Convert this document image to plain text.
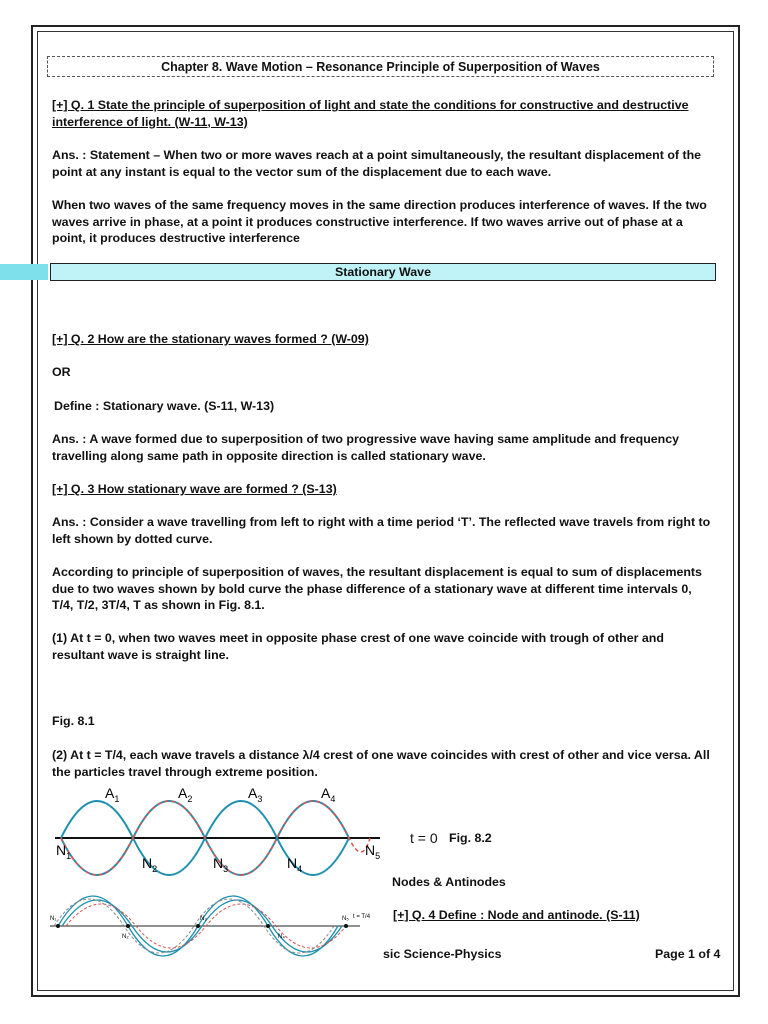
Chapter 8. Wave Motion – Resonance Principle of Superposition of Waves
[+] Q. 1 State the principle of superposition of light and state the conditions for constructive and destructive interference of light. (W-11, W-13)
Ans. : Statement – When two or more waves reach at a point simultaneously, the resultant displacement of the point at any instant is equal to the vector sum of the displacement due to each wave.
When two waves of the same frequency moves in the same direction produces interference of waves. If the two waves arrive in phase, at a point it produces constructive interference. If two waves arrive out of phase at a point, it produces destructive interference
Stationary Wave
[+] Q. 2 How are the stationary waves formed ? (W-09)
OR
Define : Stationary wave. (S-11, W-13)
Ans. : A wave formed due to superposition of two progressive wave having same amplitude and frequency travelling along same path in opposite direction is called stationary wave.
[+] Q. 3 How stationary wave are formed ? (S-13)
Ans. : Consider a wave travelling from left to right with a time period ‘T’. The reflected wave travels from right to left shown by dotted curve.
According to principle of superposition of waves, the resultant displacement is equal to sum of displacements due to two waves shown by bold curve the phase difference of a stationary wave at different time intervals 0, T/4, T/2, 3T/4, T as shown in Fig. 8.1.
(1) At t = 0, when two waves meet in opposite phase crest of one wave coincide with trough of other and resultant wave is straight line.
Fig. 8.1
(2) At t = T/4, each wave travels a distance λ/4 crest of one wave coincides with crest of other and vice versa. All the particles travel through extreme position.
$A_1$	$A_2$	$A_3$	$A_4$
$N_1$	$N_2$	$N_3$	$N_4$
$N_5$
t = 0 Fig. 8.2
Nodes & Antinodes
N₁
N₂
N₃
N₄
N₅ t = T/4 [+] Q. 4 Define : Node and antinode. (S-11)
sic Science-Physics	Page 1 of 4
